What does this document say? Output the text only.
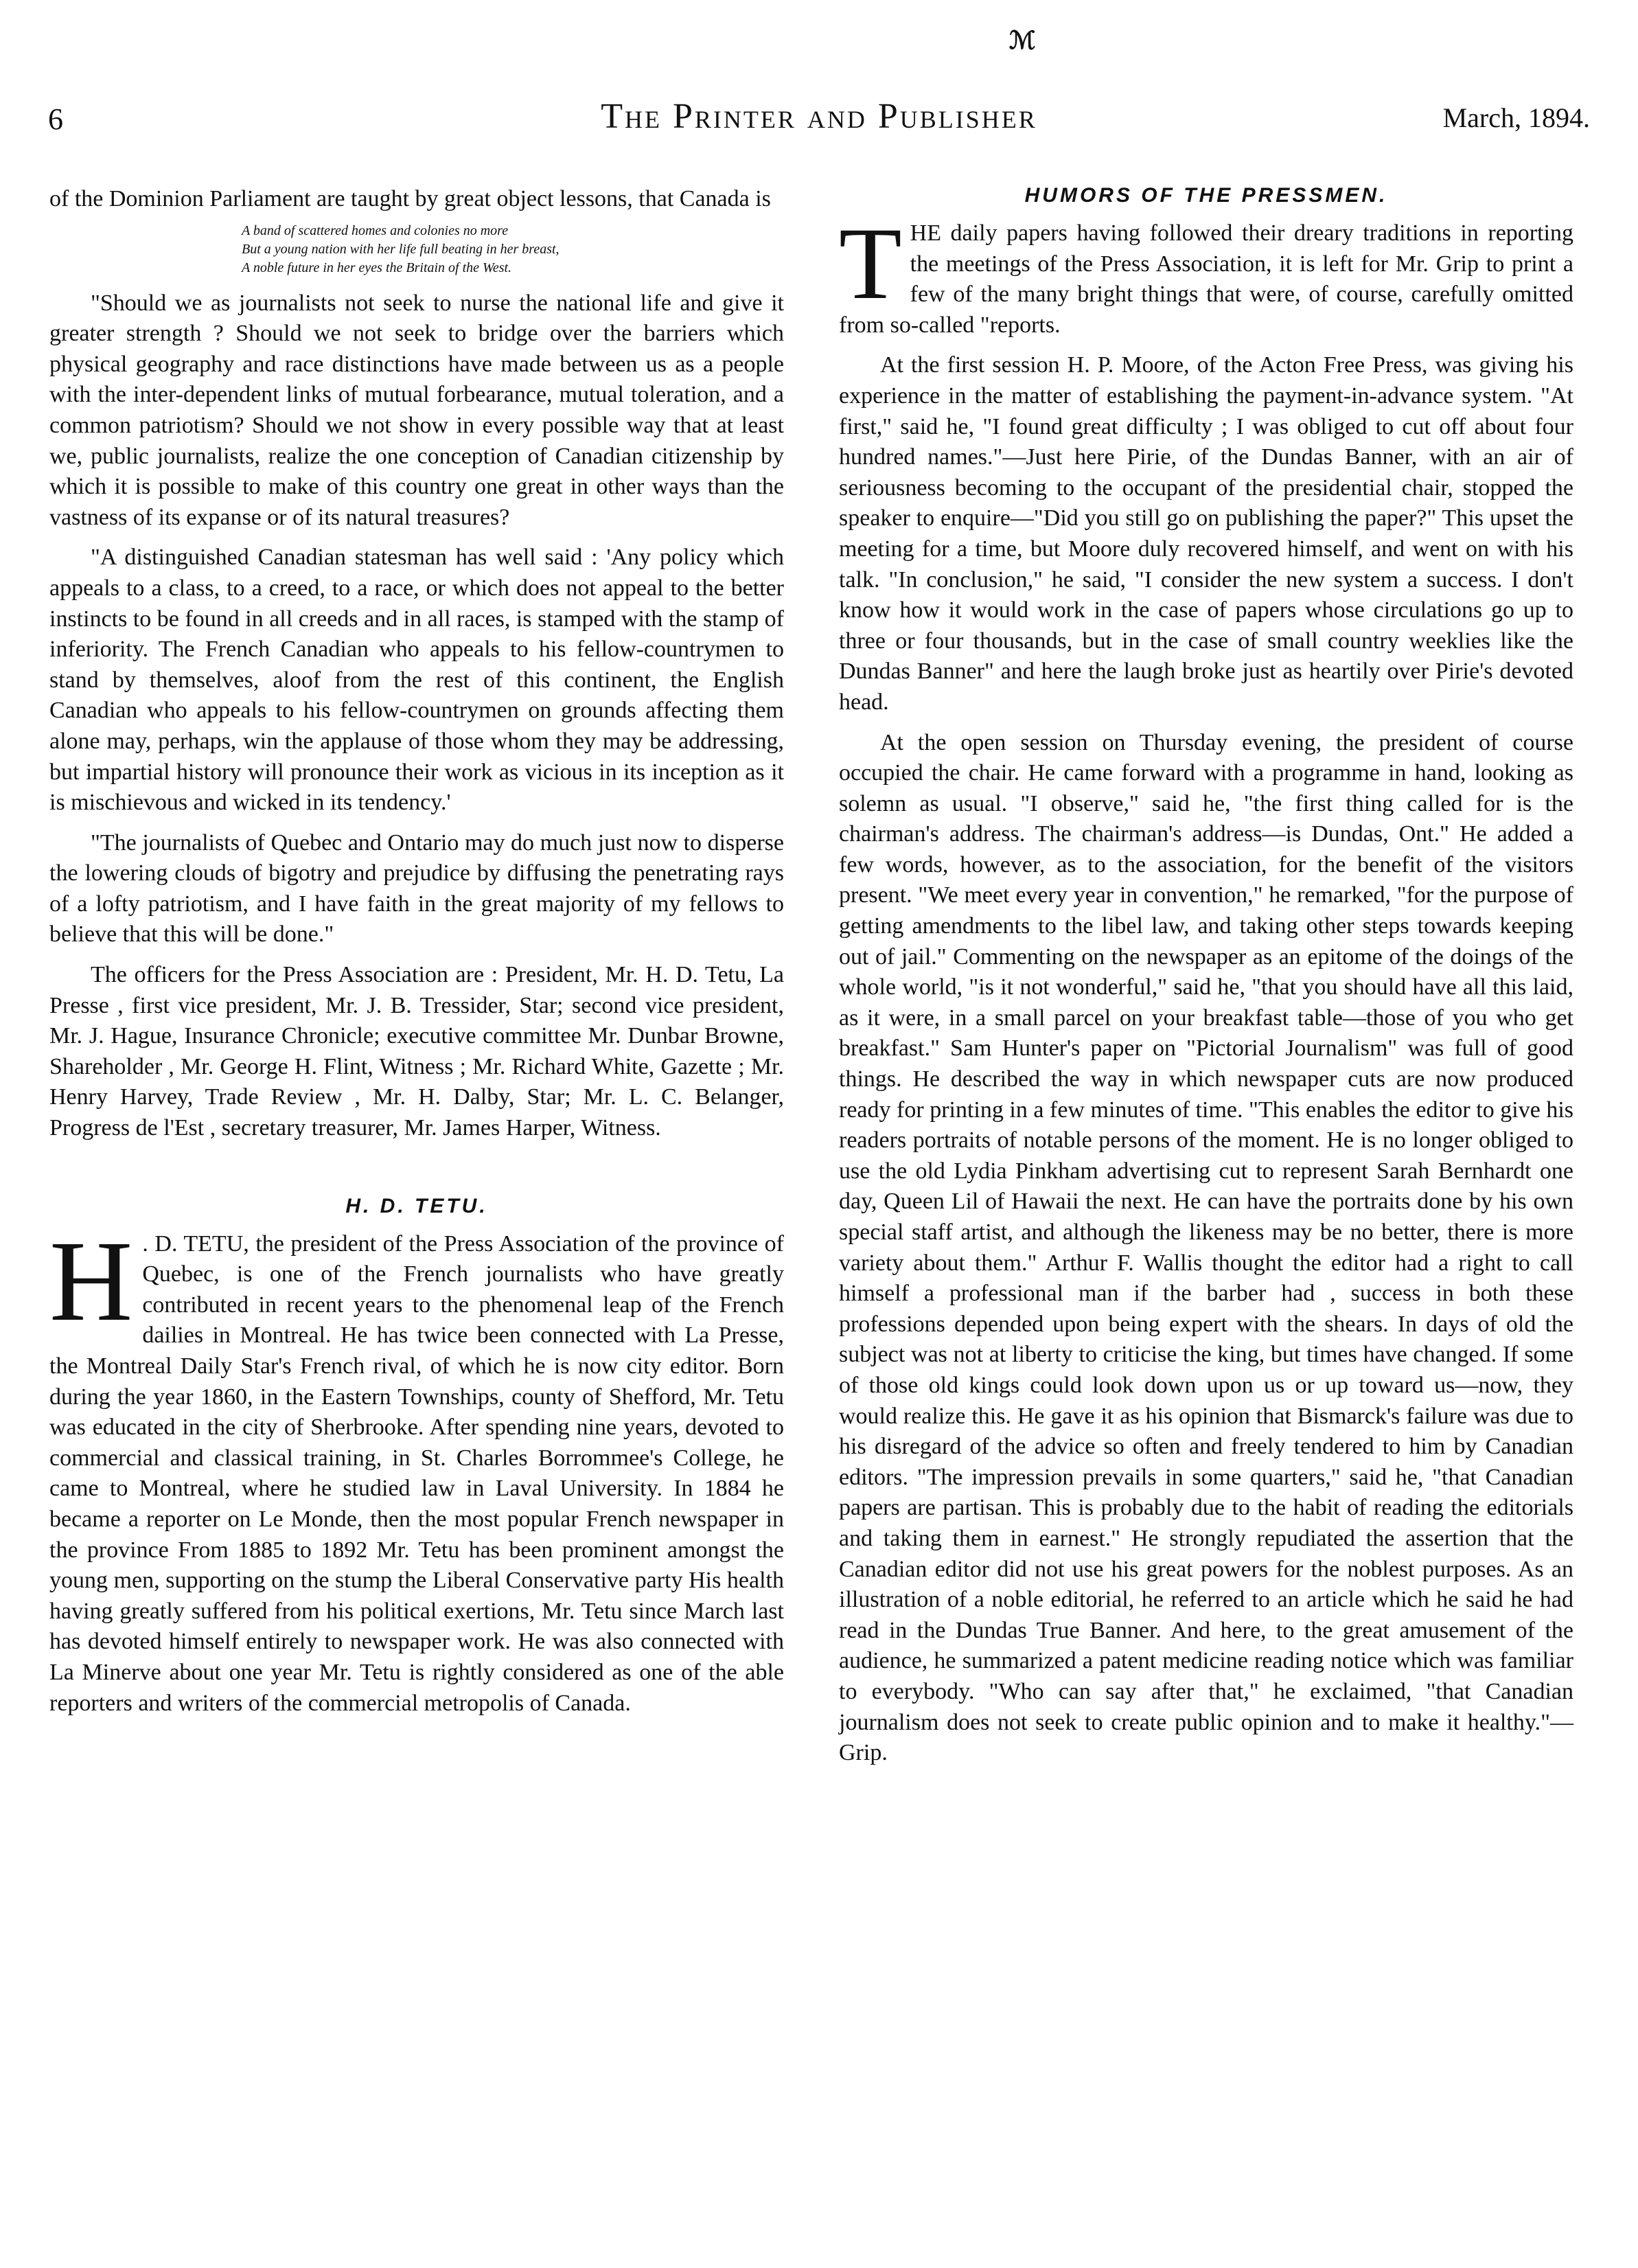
ℳ
6	The Printer and Publisher	March, 1894.

of the Dominion Parliament are taught by great object lessons, that Canada is

A band of scattered homes and colonies no more
But a young nation with her life full beating in her breast,
A noble future in her eyes the Britain of the West.

"Should we as journalists not seek to nurse the national life and give it greater strength ? Should we not seek to bridge over the barriers which physical geography and race distinctions have made between us as a people with the inter-dependent links of mutual forbearance, mutual toleration, and a common patriotism? Should we not show in every possible way that at least we, public journalists, realize the one conception of Canadian citizenship by which it is possible to make of this country one great in other ways than the vastness of its expanse or of its natural treasures?

"A distinguished Canadian statesman has well said : 'Any policy which appeals to a class, to a creed, to a race, or which does not appeal to the better instincts to be found in all creeds and in all races, is stamped with the stamp of inferiority. The French Canadian who appeals to his fellow-countrymen to stand by themselves, aloof from the rest of this continent, the English Canadian who appeals to his fellow-countrymen on grounds affecting them alone may, perhaps, win the applause of those whom they may be addressing, but impartial history will pronounce their work as vicious in its inception as it is mischievous and wicked in its tendency.'

"The journalists of Quebec and Ontario may do much just now to disperse the lowering clouds of bigotry and prejudice by diffusing the penetrating rays of a lofty patriotism, and I have faith in the great majority of my fellows to believe that this will be done."

The officers for the Press Association are : President, Mr. H. D. Tetu, La Presse , first vice president, Mr. J. B. Tressider, Star; second vice president, Mr. J. Hague, Insurance Chronicle; executive committee Mr. Dunbar Browne, Shareholder , Mr. George H. Flint, Witness ; Mr. Richard White, Gazette ; Mr. Henry Harvey, Trade Review , Mr. H. Dalby, Star; Mr. L. C. Belanger, Progress de l'Est , secretary treasurer, Mr. James Harper, Witness.

H. D. TETU.

H . D. TETU, the president of the Press Association of the province of Quebec, is one of the French journalists who have greatly contributed in recent years to the phenomenal leap of the French dailies in Montreal. He has twice been connected with La Presse, the Montreal Daily Star's French rival, of which he is now city editor. Born during the year 1860, in the Eastern Townships, county of Shefford, Mr. Tetu was educated in the city of Sherbrooke. After spending nine years, devoted to commercial and classical training, in St. Charles Borrommee's College, he came to Montreal, where he studied law in Laval University. In 1884 he became a reporter on Le Monde, then the most popular French newspaper in the province From 1885 to 1892 Mr. Tetu has been prominent amongst the young men, supporting on the stump the Liberal Conservative party His health having greatly suffered from his political exertions, Mr. Tetu since March last has devoted himself entirely to newspaper work. He was also connected with La Minerve about one year Mr. Tetu is rightly considered as one of the able reporters and writers of the commercial metropolis of Canada.

HUMORS OF THE PRESSMEN.

THE daily papers having followed their dreary traditions in reporting the meetings of the Press Association, it is left for Mr. Grip to print a few of the many bright things that were, of course, carefully omitted from so-called "reports.

At the first session H. P. Moore, of the Acton Free Press, was giving his experience in the matter of establishing the payment-in-advance system. "At first," said he, "I found great difficulty ; I was obliged to cut off about four hundred names."—Just here Pirie, of the Dundas Banner, with an air of seriousness becoming to the occupant of the presidential chair, stopped the speaker to enquire—"Did you still go on publishing the paper?" This upset the meeting for a time, but Moore duly recovered himself, and went on with his talk. "In conclusion," he said, "I consider the new system a success. I don't know how it would work in the case of papers whose circulations go up to three or four thousands, but in the case of small country weeklies like the Dundas Banner" and here the laugh broke just as heartily over Pirie's devoted head.

At the open session on Thursday evening, the president of course occupied the chair. He came forward with a programme in hand, looking as solemn as usual. "I observe," said he, "the first thing called for is the chairman's address. The chairman's address—is Dundas, Ont." He added a few words, however, as to the association, for the benefit of the visitors present. "We meet every year in convention," he remarked, "for the purpose of getting amendments to the libel law, and taking other steps towards keeping out of jail." Commenting on the newspaper as an epitome of the doings of the whole world, "is it not wonderful," said he, "that you should have all this laid, as it were, in a small parcel on your breakfast table—those of you who get breakfast." Sam Hunter's paper on "Pictorial Journalism" was full of good things. He described the way in which newspaper cuts are now produced ready for printing in a few minutes of time. "This enables the editor to give his readers portraits of notable persons of the moment. He is no longer obliged to use the old Lydia Pinkham advertising cut to represent Sarah Bernhardt one day, Queen Lil of Hawaii the next. He can have the portraits done by his own special staff artist, and although the likeness may be no better, there is more variety about them." Arthur F. Wallis thought the editor had a right to call himself a professional man if the barber had , success in both these professions depended upon being expert with the shears. In days of old the subject was not at liberty to criticise the king, but times have changed. If some of those old kings could look down upon us or up toward us—now, they would realize this. He gave it as his opinion that Bismarck's failure was due to his disregard of the advice so often and freely tendered to him by Canadian editors. "The impression prevails in some quarters," said he, "that Canadian papers are partisan. This is probably due to the habit of reading the editorials and taking them in earnest." He strongly repudiated the assertion that the Canadian editor did not use his great powers for the noblest purposes. As an illustration of a noble editorial, he referred to an article which he said he had read in the Dundas True Banner. And here, to the great amusement of the audience, he summarized a patent medicine reading notice which was familiar to everybody. "Who can say after that," he exclaimed, "that Canadian journalism does not seek to create public opinion and to make it healthy."—Grip.
